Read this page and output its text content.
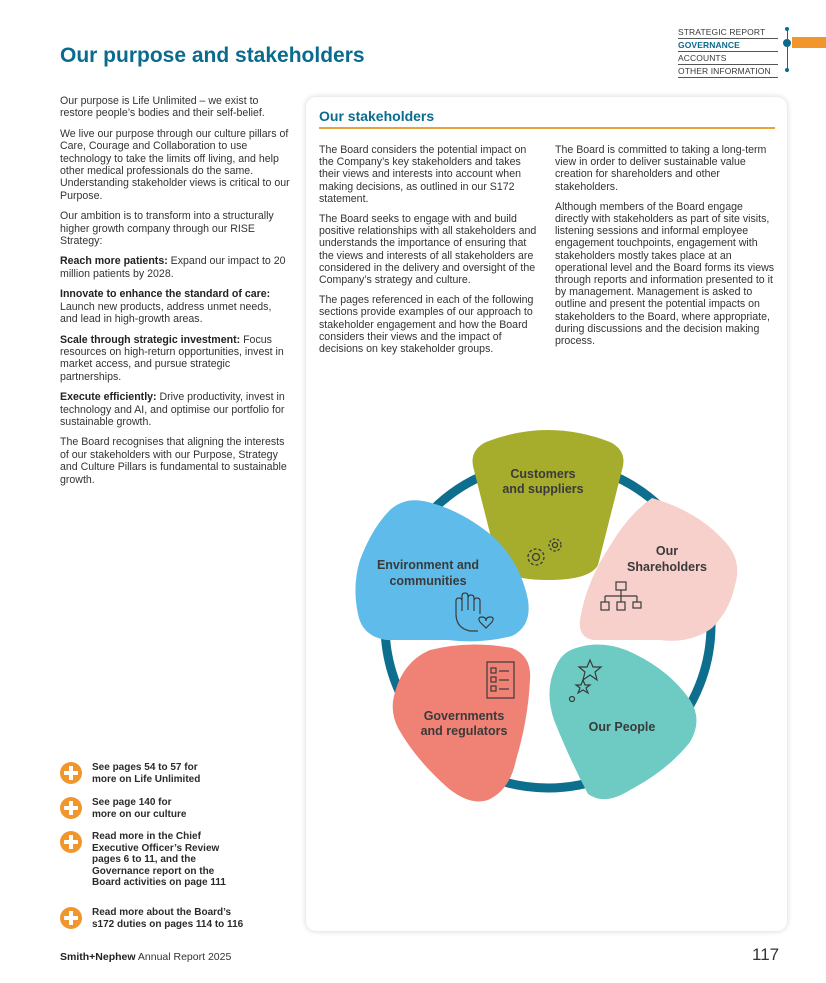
Our purpose and stakeholders
STRATEGIC REPORT
GOVERNANCE
ACCOUNTS
OTHER INFORMATION

Our purpose is Life Unlimited – we exist to restore people’s bodies and their self-belief.

We live our purpose through our culture pillars of Care, Courage and Collaboration to use technology to take the limits off living, and help other medical professionals do the same. Understanding stakeholder views is critical to our Purpose.

Our ambition is to transform into a structurally higher growth company through our RISE Strategy:

Reach more patients: Expand our impact to 20 million patients by 2028.

Innovate to enhance the standard of care: Launch new products, address unmet needs, and lead in high-growth areas.

Scale through strategic investment: Focus resources on high-return opportunities, invest in market access, and pursue strategic partnerships.

Execute efficiently: Drive productivity, invest in technology and AI, and optimise our portfolio for sustainable growth.

The Board recognises that aligning the interests of our stakeholders with our Purpose, Strategy and Culture Pillars is fundamental to sustainable growth.

Our stakeholders

The Board considers the potential impact on the Company’s key stakeholders and takes their views and interests into account when making decisions, as outlined in our S172 statement.

The Board seeks to engage with and build positive relationships with all stakeholders and understands the importance of ensuring that the views and interests of all stakeholders are considered in the delivery and oversight of the Company’s strategy and culture.

The pages referenced in each of the following sections provide examples of our approach to stakeholder engagement and how the Board considers their views and the impact of decisions on key stakeholder groups.

The Board is committed to taking a long-term view in order to deliver sustainable value creation for shareholders and other stakeholders.

Although members of the Board engage directly with stakeholders as part of site visits, listening sessions and informal employee engagement touchpoints, engagement with stakeholders mostly takes place at an operational level and the Board forms its views through reports and information presented to it by management. Management is asked to outline and present the potential impacts on stakeholders to the Board, where appropriate, during discussions and the decision making process.

Customers
and suppliers
Our
Shareholders
Our People
Governments
and regulators
Environment and
communities
See pages 54 to 57 for
more on Life Unlimited
See page 140 for
more on our culture
Read more in the Chief
Executive Officer’s Review
pages 6 to 11, and the
Governance report on the
Board activities on page 111
Read more about the Board’s
s172 duties on pages 114 to 116
Smith+Nephew Annual Report 2025	117
